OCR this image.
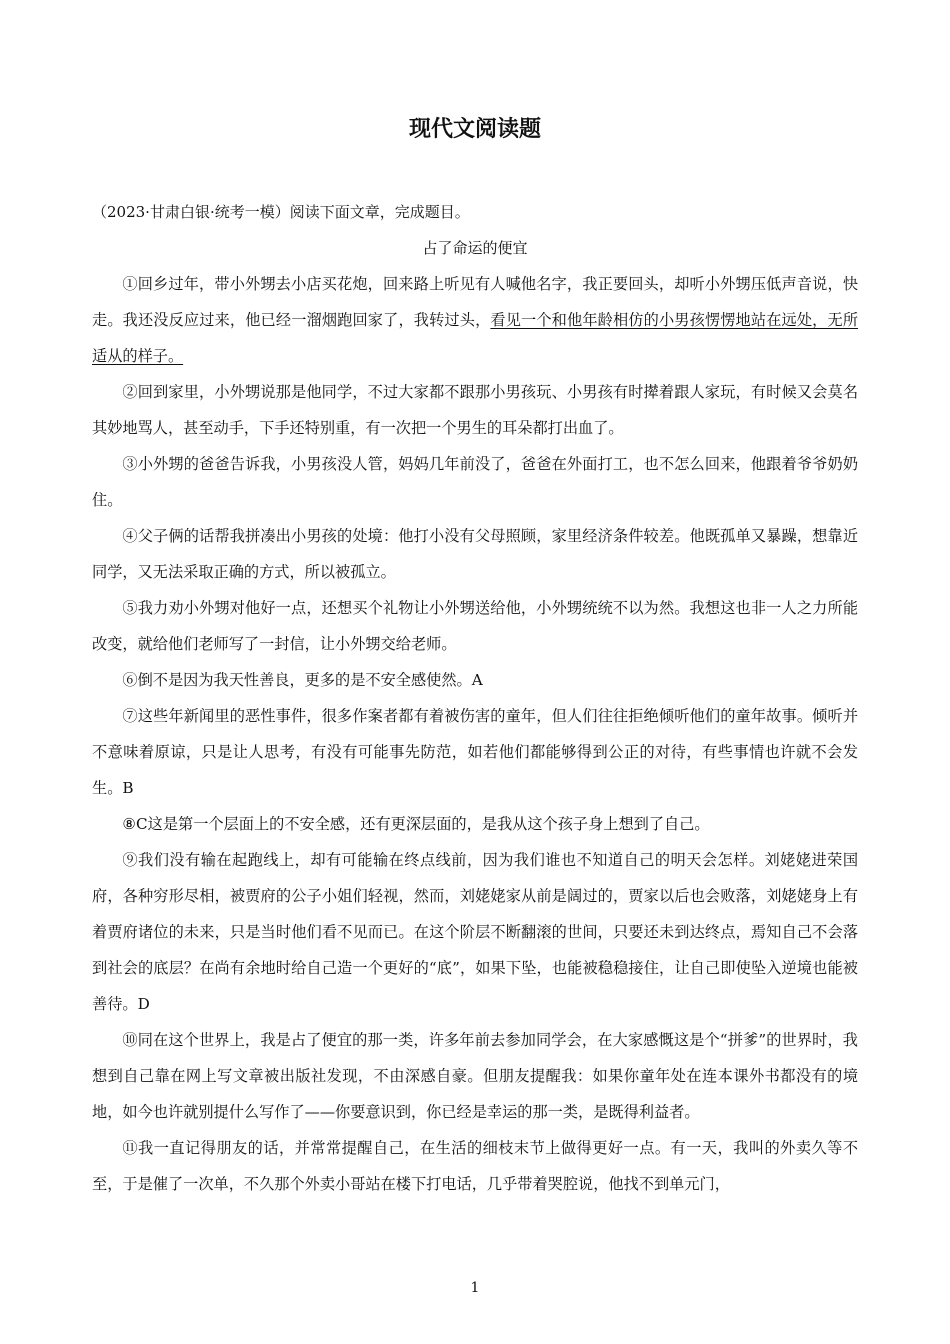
现代文阅读题
（2023·甘肃白银·统考一模）阅读下面文章，完成题目。
占了命运的便宜

①回乡过年，带小外甥去小店买花炮，回来路上听见有人喊他名字，我正要回头，却听小外甥压低声音说，快走。我还没反应过来，他已经一溜烟跑回家了，我转过头，看见一个和他年龄相仿的小男孩愣愣地站在远处，无所适从的样子。

②回到家里，小外甥说那是他同学，不过大家都不跟那小男孩玩、小男孩有时撵着跟人家玩，有时候又会莫名其妙地骂人，甚至动手，下手还特别重，有一次把一个男生的耳朵都打出血了。

③小外甥的爸爸告诉我，小男孩没人管，妈妈几年前没了，爸爸在外面打工，也不怎么回来，他跟着爷爷奶奶住。

④父子俩的话帮我拼凑出小男孩的处境：他打小没有父母照顾，家里经济条件较差。他既孤单又暴躁，想靠近同学，又无法采取正确的方式，所以被孤立。

⑤我力劝小外甥对他好一点，还想买个礼物让小外甥送给他，小外甥统统不以为然。我想这也非一人之力所能改变，就给他们老师写了一封信，让小外甥交给老师。

⑥倒不是因为我天性善良，更多的是不安全感使然。A

⑦这些年新闻里的恶性事件，很多作案者都有着被伤害的童年，但人们往往拒绝倾听他们的童年故事。倾听并不意味着原谅，只是让人思考，有没有可能事先防范，如若他们都能够得到公正的对待，有些事情也许就不会发生。B

⑧C这是第一个层面上的不安全感，还有更深层面的，是我从这个孩子身上想到了自己。

⑨我们没有输在起跑线上，却有可能输在终点线前，因为我们谁也不知道自己的明天会怎样。刘姥姥进荣国府，各种穷形尽相，被贾府的公子小姐们轻视，然而，刘姥姥家从前是阔过的，贾家以后也会败落，刘姥姥身上有着贾府诸位的未来，只是当时他们看不见而已。在这个阶层不断翻滚的世间，只要还未到达终点，焉知自己不会落到社会的底层？在尚有余地时给自己造一个更好的“底”，如果下坠，也能被稳稳接住，让自己即使坠入逆境也能被善待。D

⑩同在这个世界上，我是占了便宜的那一类，许多年前去参加同学会，在大家感慨这是个“拼爹”的世界时，我想到自己靠在网上写文章被出版社发现，不由深感自豪。但朋友提醒我：如果你童年处在连本课外书都没有的境地，如今也许就别提什么写作了——你要意识到，你已经是幸运的那一类，是既得利益者。

⑪我一直记得朋友的话，并常常提醒自己，在生活的细枝末节上做得更好一点。有一天，我叫的外卖久等不至，于是催了一次单，不久那个外卖小哥站在楼下打电话，几乎带着哭腔说，他找不到单元门，

1
